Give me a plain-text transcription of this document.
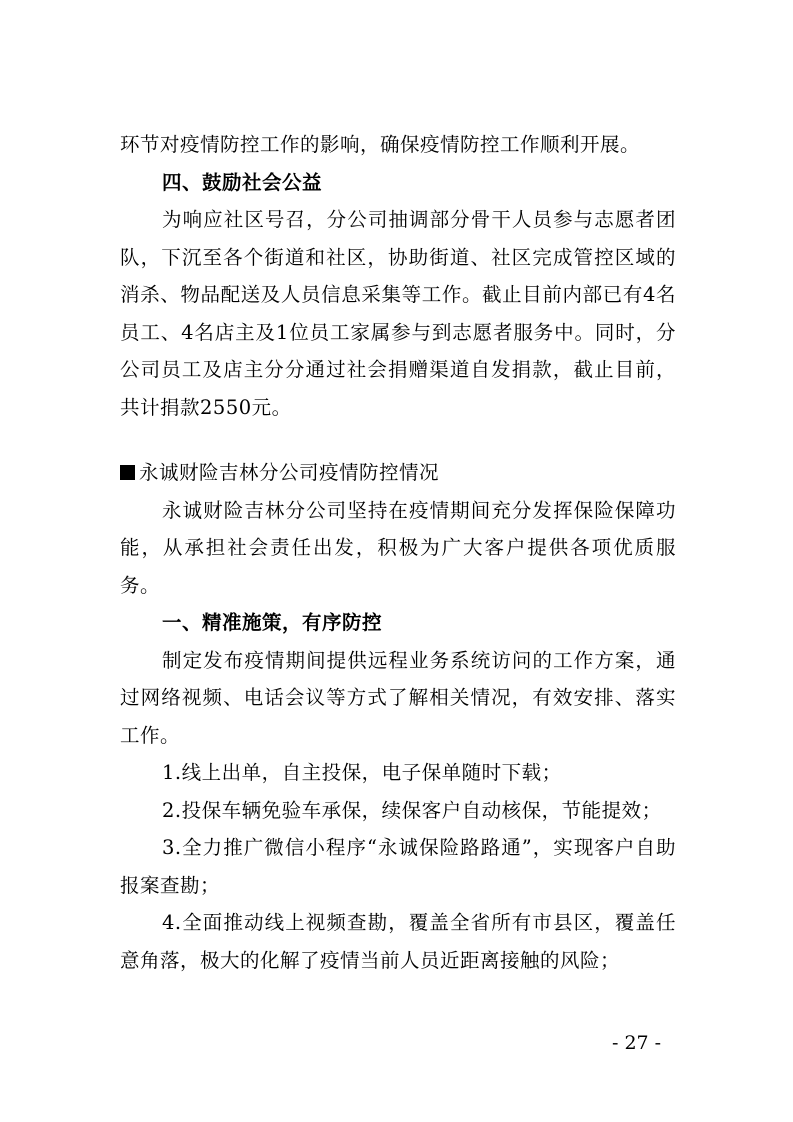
环节对疫情防控工作的影响，确保疫情防控工作顺利开展。

四、鼓励社会公益

为响应社区号召，分公司抽调部分骨干人员参与志愿者团队，下沉至各个街道和社区，协助街道、社区完成管控区域的消杀、物品配送及人员信息采集等工作。截止目前内部已有4名员工、4名店主及1位员工家属参与到志愿者服务中。同时，分公司员工及店主分分通过社会捐赠渠道自发捐款，截止目前，共计捐款2550元。

永诚财险吉林分公司疫情防控情况

永诚财险吉林分公司坚持在疫情期间充分发挥保险保障功能，从承担社会责任出发，积极为广大客户提供各项优质服务。

一、精准施策，有序防控

制定发布疫情期间提供远程业务系统访问的工作方案，通过网络视频、电话会议等方式了解相关情况，有效安排、落实工作。

1.线上出单，自主投保，电子保单随时下载；

2.投保车辆免验车承保，续保客户自动核保，节能提效；

3.全力推广微信小程序“永诚保险路路通”，实现客户自助报案查勘；

4.全面推动线上视频查勘，覆盖全省所有市县区，覆盖任意角落，极大的化解了疫情当前人员近距离接触的风险；

- 27 -
